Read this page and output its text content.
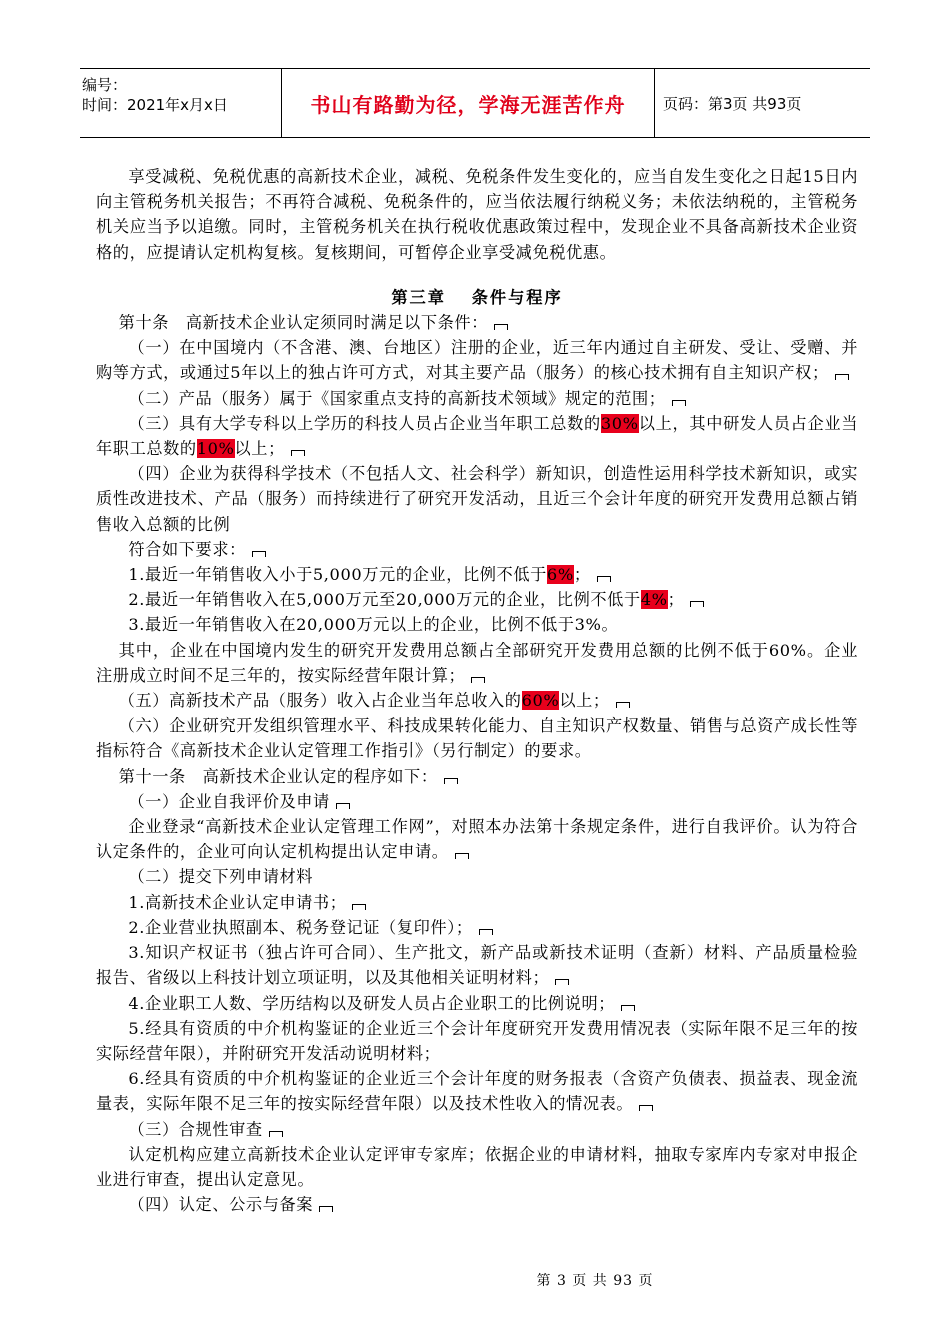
编号：
时间：2021年x月x日	书山有路勤为径，学海无涯苦作舟	页码：第3页 共93页

享受减税、免税优惠的高新技术企业，减税、免税条件发生变化的，应当自发生变化之日起15日内向主管税务机关报告；不再符合减税、免税条件的，应当依法履行纳税义务；未依法纳税的，主管税务机关应当予以追缴。同时，主管税务机关在执行税收优惠政策过程中，发现企业不具备高新技术企业资格的，应提请认定机构复核。复核期间，可暂停企业享受减免税优惠。

第三章　 条件与程序

第十条　高新技术企业认定须同时满足以下条件：

（一）在中国境内（不含港、澳、台地区）注册的企业，近三年内通过自主研发、受让、受赠、并购等方式，或通过5年以上的独占许可方式，对其主要产品（服务）的核心技术拥有自主知识产权；

（二）产品（服务）属于《国家重点支持的高新技术领域》规定的范围；

（三）具有大学专科以上学历的科技人员占企业当年职工总数的30%以上，其中研发人员占企业当年职工总数的10%以上；

（四）企业为获得科学技术（不包括人文、社会科学）新知识，创造性运用科学技术新知识，或实质性改进技术、产品（服务）而持续进行了研究开发活动，且近三个会计年度的研究开发费用总额占销售收入总额的比例

符合如下要求：

1.最近一年销售收入小于5,000万元的企业，比例不低于6%；

2.最近一年销售收入在5,000万元至20,000万元的企业，比例不低于4%；

3.最近一年销售收入在20,000万元以上的企业，比例不低于3%。

其中，企业在中国境内发生的研究开发费用总额占全部研究开发费用总额的比例不低于60%。企业注册成立时间不足三年的，按实际经营年限计算；

（五）高新技术产品（服务）收入占企业当年总收入的60%以上；

（六）企业研究开发组织管理水平、科技成果转化能力、自主知识产权数量、销售与总资产成长性等指标符合《高新技术企业认定管理工作指引》（另行制定）的要求。

第十一条　高新技术企业认定的程序如下：

（一）企业自我评价及申请

企业登录“高新技术企业认定管理工作网”，对照本办法第十条规定条件，进行自我评价。认为符合认定条件的，企业可向认定机构提出认定申请。

（二）提交下列申请材料

1.高新技术企业认定申请书；

2.企业营业执照副本、税务登记证（复印件）；

3.知识产权证书（独占许可合同）、生产批文，新产品或新技术证明（查新）材料、产品质量检验报告、省级以上科技计划立项证明，以及其他相关证明材料；

4.企业职工人数、学历结构以及研发人员占企业职工的比例说明；

5.经具有资质的中介机构鉴证的企业近三个会计年度研究开发费用情况表（实际年限不足三年的按实际经营年限），并附研究开发活动说明材料；

6.经具有资质的中介机构鉴证的企业近三个会计年度的财务报表（含资产负债表、损益表、现金流量表，实际年限不足三年的按实际经营年限）以及技术性收入的情况表。

（三）合规性审查

认定机构应建立高新技术企业认定评审专家库；依据企业的申请材料，抽取专家库内专家对申报企业进行审查，提出认定意见。

（四）认定、公示与备案

第 3 页 共 93 页
